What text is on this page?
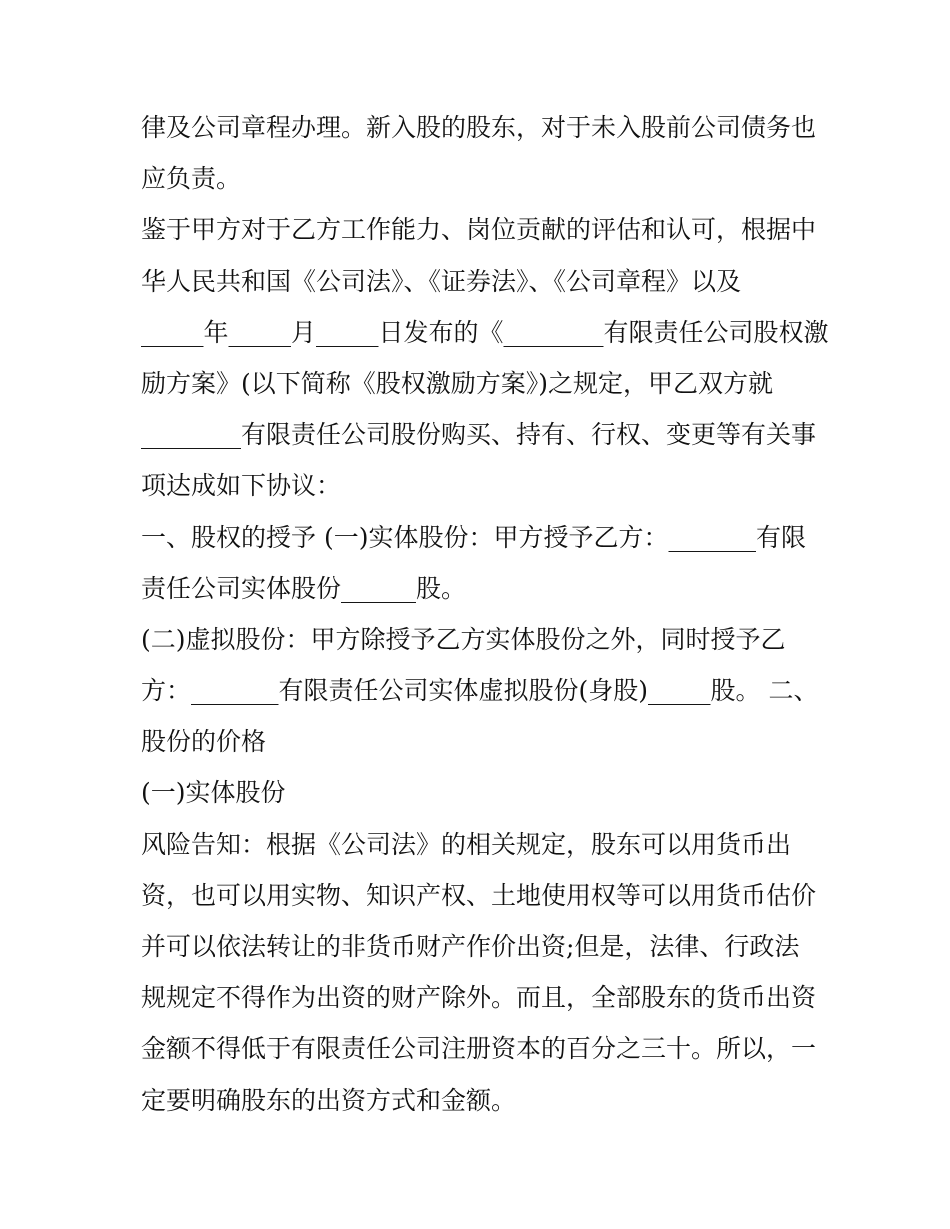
律及公司章程办理。新入股的股东，对于未入股前公司债务也
应负责。
鉴于甲方对于乙方工作能力、岗位贡献的评估和认可，根据中
华人民共和国《公司法》、《证券法》、《公司章程》以及
_____年_____月_____日发布的《________有限责任公司股权激
励方案》(以下简称《股权激励方案》)之规定，甲乙双方就
________有限责任公司股份购买、持有、行权、变更等有关事
项达成如下协议：
一、股权的授予 (一)实体股份：甲方授予乙方：_______有限
责任公司实体股份______股。
(二)虚拟股份：甲方除授予乙方实体股份之外，同时授予乙
方：_______有限责任公司实体虚拟股份(身股)_____股。 二、
股份的价格
(一)实体股份
风险告知：根据《公司法》的相关规定，股东可以用货币出
资，也可以用实物、知识产权、土地使用权等可以用货币估价
并可以依法转让的非货币财产作价出资;但是，法律、行政法
规规定不得作为出资的财产除外。而且，全部股东的货币出资
金额不得低于有限责任公司注册资本的百分之三十。所以，一
定要明确股东的出资方式和金额。
